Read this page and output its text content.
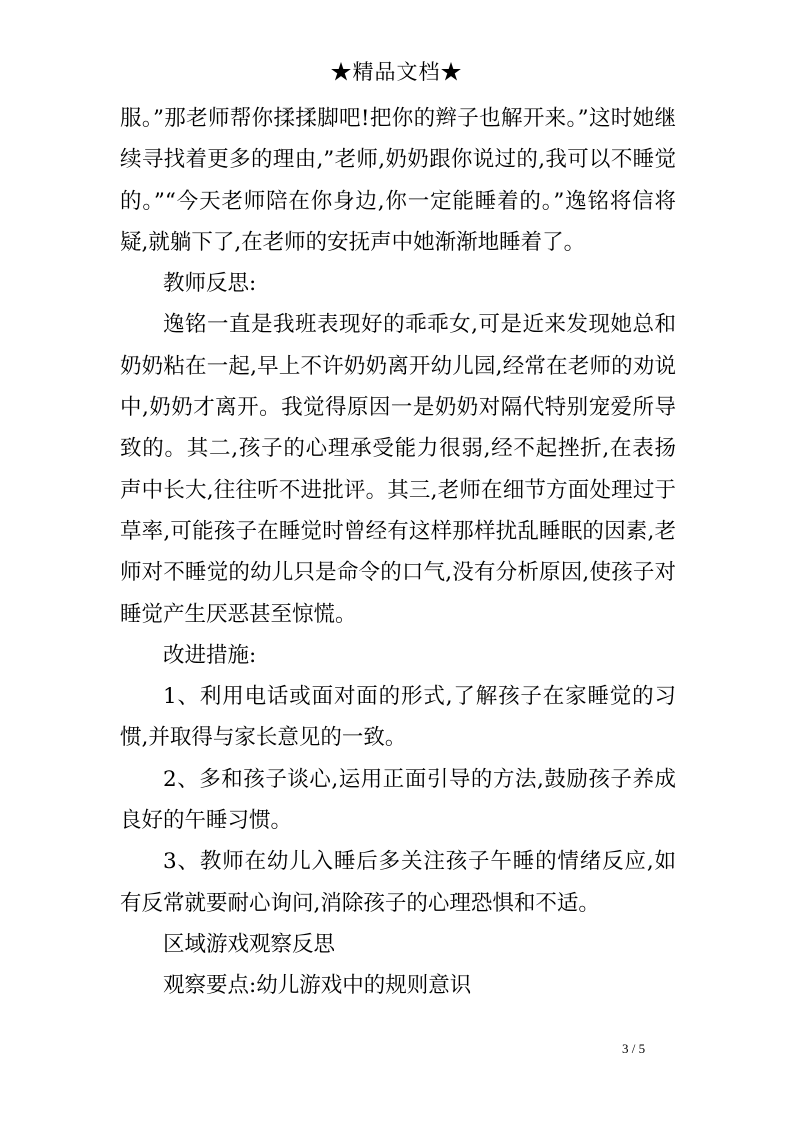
★精品文档★

服。”那老师帮你揉揉脚吧!把你的辫子也解开来。”这时她继续寻找着更多的理由,”老师,奶奶跟你说过的,我可以不睡觉的。”“今天老师陪在你身边,你一定能睡着的。”逸铭将信将疑,就躺下了,在老师的安抚声中她渐渐地睡着了。

教师反思:

逸铭一直是我班表现好的乖乖女,可是近来发现她总和奶奶粘在一起,早上不许奶奶离开幼儿园,经常在老师的劝说中,奶奶才离开。我觉得原因一是奶奶对隔代特别宠爱所导致的。其二,孩子的心理承受能力很弱,经不起挫折,在表扬声中长大,往往听不进批评。其三,老师在细节方面处理过于草率,可能孩子在睡觉时曾经有这样那样扰乱睡眠的因素,老师对不睡觉的幼儿只是命令的口气,没有分析原因,使孩子对睡觉产生厌恶甚至惊慌。

改进措施:

1、利用电话或面对面的形式,了解孩子在家睡觉的习惯,并取得与家长意见的一致。

2、多和孩子谈心,运用正面引导的方法,鼓励孩子养成良好的午睡习惯。

3、教师在幼儿入睡后多关注孩子午睡的情绪反应,如有反常就要耐心询问,消除孩子的心理恐惧和不适。

区域游戏观察反思

观察要点:幼儿游戏中的规则意识

3 / 5
